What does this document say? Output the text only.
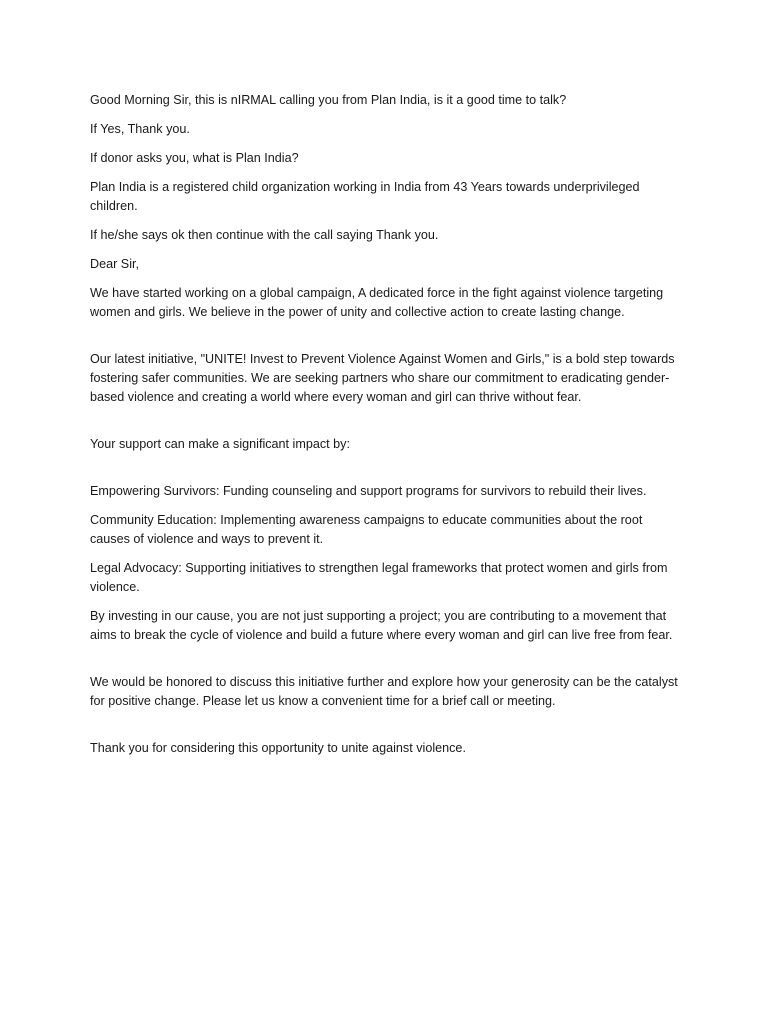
Good Morning Sir, this is nIRMAL calling you from Plan India, is it a good time to talk?

If Yes, Thank you.

If donor asks you, what is Plan India?

Plan India is a registered child organization working in India from 43 Years towards underprivileged children.

If he/she says ok then continue with the call saying Thank you.

Dear Sir,

We have started working on a global campaign, A dedicated force in the fight against violence targeting women and girls. We believe in the power of unity and collective action to create lasting change.

Our latest initiative, "UNITE! Invest to Prevent Violence Against Women and Girls," is a bold step towards fostering safer communities. We are seeking partners who share our commitment to eradicating gender-based violence and creating a world where every woman and girl can thrive without fear.

Your support can make a significant impact by:

Empowering Survivors: Funding counseling and support programs for survivors to rebuild their lives.

Community Education: Implementing awareness campaigns to educate communities about the root causes of violence and ways to prevent it.

Legal Advocacy: Supporting initiatives to strengthen legal frameworks that protect women and girls from violence.

By investing in our cause, you are not just supporting a project; you are contributing to a movement that aims to break the cycle of violence and build a future where every woman and girl can live free from fear.

We would be honored to discuss this initiative further and explore how your generosity can be the catalyst for positive change. Please let us know a convenient time for a brief call or meeting.

Thank you for considering this opportunity to unite against violence.
